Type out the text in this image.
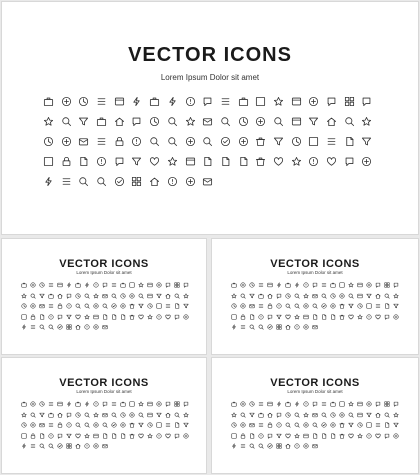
VECTOR ICONS
Lorem Ipsum Dolor sit amet
VECTOR ICONS
Lorem Ipsum Dolor sit amet
VECTOR ICONS
Lorem Ipsum Dolor sit amet
VECTOR ICONS
Lorem Ipsum Dolor sit amet
VECTOR ICONS
Lorem Ipsum Dolor sit amet
